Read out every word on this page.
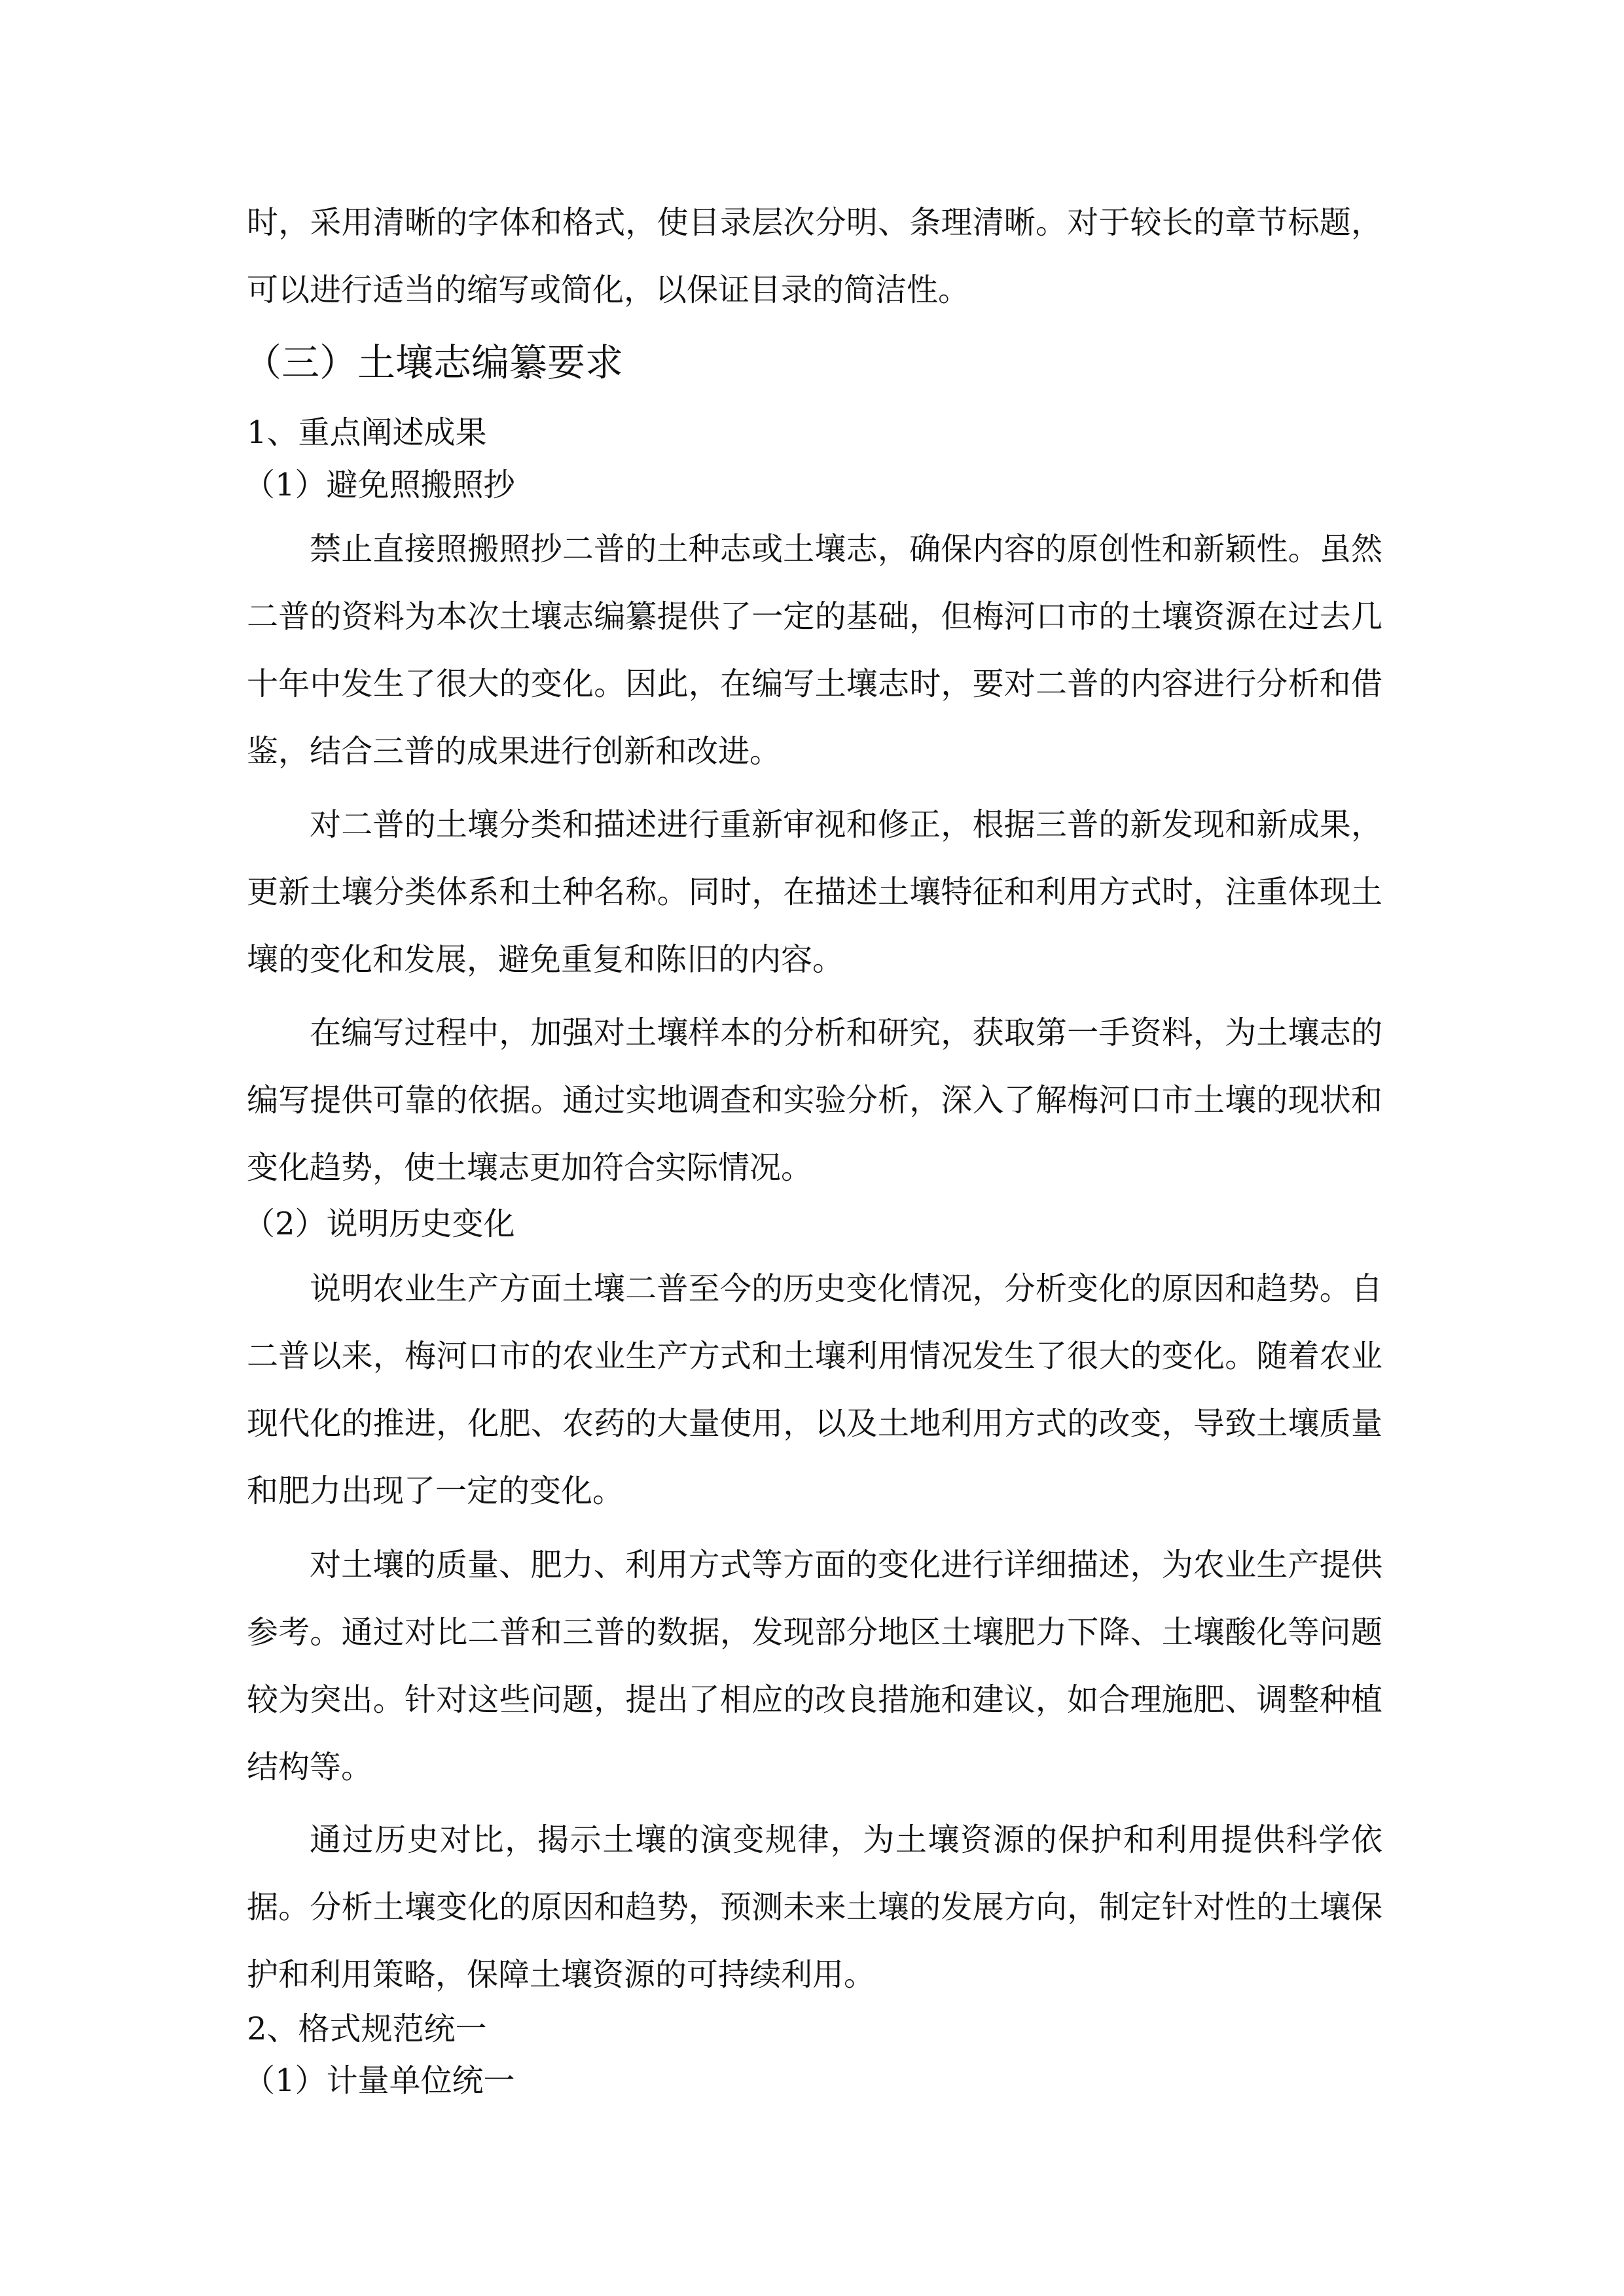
时，采用清晰的字体和格式，使目录层次分明、条理清晰。对于较长的章节标题，可以进行适当的缩写或简化，以保证目录的简洁性。

（三）土壤志编纂要求
1、重点阐述成果
（1）避免照搬照抄

禁止直接照搬照抄二普的土种志或土壤志，确保内容的原创性和新颖性。虽然二普的资料为本次土壤志编纂提供了一定的基础，但梅河口市的土壤资源在过去几十年中发生了很大的变化。因此，在编写土壤志时，要对二普的内容进行分析和借鉴，结合三普的成果进行创新和改进。

对二普的土壤分类和描述进行重新审视和修正，根据三普的新发现和新成果，更新土壤分类体系和土种名称。同时，在描述土壤特征和利用方式时，注重体现土壤的变化和发展，避免重复和陈旧的内容。

在编写过程中，加强对土壤样本的分析和研究，获取第一手资料，为土壤志的编写提供可靠的依据。通过实地调查和实验分析，深入了解梅河口市土壤的现状和变化趋势，使土壤志更加符合实际情况。

（2）说明历史变化

说明农业生产方面土壤二普至今的历史变化情况，分析变化的原因和趋势。自二普以来，梅河口市的农业生产方式和土壤利用情况发生了很大的变化。随着农业现代化的推进，化肥、农药的大量使用，以及土地利用方式的改变，导致土壤质量和肥力出现了一定的变化。

对土壤的质量、肥力、利用方式等方面的变化进行详细描述，为农业生产提供参考。通过对比二普和三普的数据，发现部分地区土壤肥力下降、土壤酸化等问题较为突出。针对这些问题，提出了相应的改良措施和建议，如合理施肥、调整种植结构等。

通过历史对比，揭示土壤的演变规律，为土壤资源的保护和利用提供科学依据。分析土壤变化的原因和趋势，预测未来土壤的发展方向，制定针对性的土壤保护和利用策略，保障土壤资源的可持续利用。

2、格式规范统一
（1）计量单位统一
